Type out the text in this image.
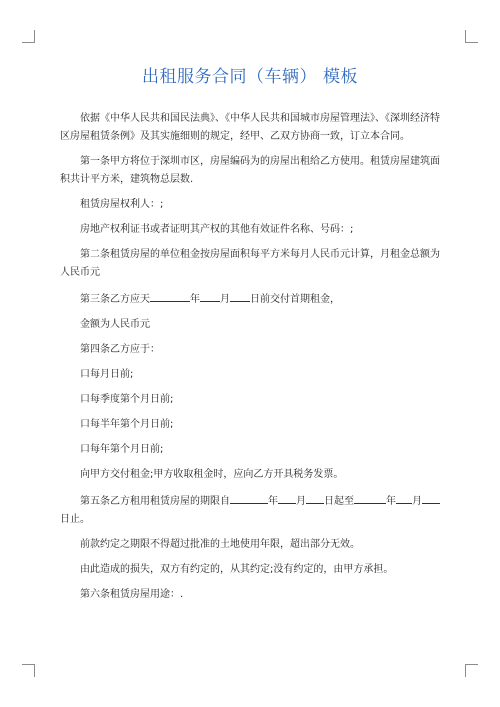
出租服务合同（车辆） 模板

依据《中华人民共和国民法典》、《中华人民共和国城市房屋管理法》、《深圳经济特区房屋租赁条例》及其实施细则的规定，经甲、乙双方协商一致，订立本合同。

第一条甲方将位于深圳市区，房屋编码为的房屋出租给乙方使用。租赁房屋建筑面积共计平方米，建筑物总层数.

租赁房屋权利人：;

房地产权利证书或者证明其产权的其他有效证件名称、号码：;

第二条租赁房屋的单位租金按房屋面积每平方米每月人民币元计算，月租金总额为人民币元

第三条乙方应天	年 月 日前交付首期租金，

金额为人民币元

第四条乙方应于：

口每月日前;

口每季度第个月日前;

口每半年第个月日前;

口每年第个月日前;

向甲方交付租金;甲方收取租金时，应向乙方开具税务发票。

第五条乙方租用租赁房屋的期限自	年 月 日起至	年 月日止。

前款约定之期限不得超过批准的土地使用年限，超出部分无效。

由此造成的损失，双方有约定的，从其约定;没有约定的，由甲方承担。

第六条租赁房屋用途：.
